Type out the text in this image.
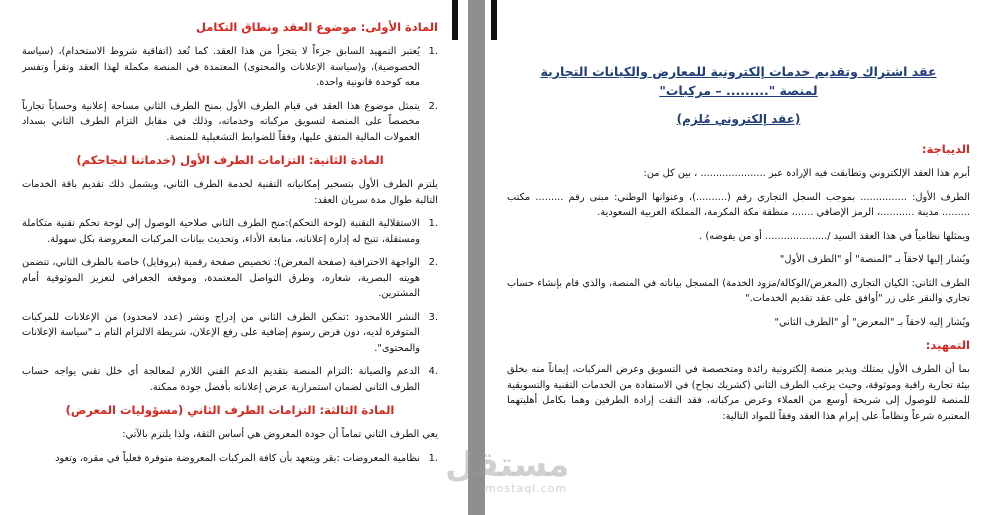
المادة الأولى: موضوع العقد ونطاق التكامل
.1
يُعتبر التمهيد السابق جزءاً لا يتجزأ من هذا العقد. كما تُعد (اتفاقية شروط الاستخدام)، (سياسة الخصوصية)، و(سياسة الإعلانات والمحتوى) المعتمدة في المنصة مكملة لهذا العقد وتقرأ وتفسر معه كوحدة قانونية واحدة.
.2
يتمثل موضوع هذا العقد في قيام الطرف الأول بمنح الطرف الثاني مساحة إعلانية وحساباً تجارياً مخصصاً على المنصة لتسويق مركباته وخدماته، وذلك في مقابل التزام الطرف الثاني بسداد العمولات المالية المتفق عليها، وفقاً للضوابط التشغيلية للمنصة.
المادة الثانية: التزامات الطرف الأول (خدماتنا لنجاحكم)
يلتزم الطرف الأول بتسخير إمكانياته التقنية لخدمة الطرف الثاني، ويشمل ذلك تقديم باقة الخدمات التالية طوال مدة سريان العقد:
.1
الاستقلالية التقنية (لوحة التحكم):منح الطرف الثاني صلاحية الوصول إلى لوحة تحكم تقنية متكاملة ومستقلة، تتيح له إدارة إعلاناته، متابعة الأداء، وتحديث بيانات المركبات المعروضة بكل سهولة.
.2
الواجهة الاحترافية (صفحة المعرض): تخصيص صفحة رقمية (بروفايل) خاصة بالطرف الثاني، تتضمن هويته البصرية، شعاره، وطرق التواصل المعتمدة، وموقعه الجغرافي لتعزيز الموثوقية أمام المشترين.
.3
النشر اللامحدود :تمكين الطرف الثاني من إدراج ونشر (عدد لامحدود) من الإعلانات للمركبات المتوفرة لديه، دون فرض رسوم إضافية على رفع الإعلان، شريطة الالتزام التام بـ "سياسة الإعلانات والمحتوى".
.4
الدعم والصيانة :التزام المنصة بتقديم الدعم الفني اللازم لمعالجة أي خلل تقني يواجه حساب الطرف الثاني لضمان استمرارية عرض إعلاناته بأفضل جودة ممكنة.
المادة الثالثة: التزامات الطرف الثاني (مسؤوليات المعرض)
يعي الطرف الثاني تماماً أن جودة المعروض هي أساس الثقة، ولذا يلتزم بالآتي:
.1
نظامية المعروضات :يقر ويتعهد بأن كافة المركبات المعروضة متوفرة فعلياً في مقره، وتعود
عقد اشتراك وتقديم خدمات إلكترونية للمعارض والكيانات التجارية
لمنصة "......... – مركبات"
(عقد إلكتروني مُلزم)
الديباجة:
أبرم هذا العقد الإلكتروني وتطابقت فيه الإرادة عبر ..................... ، بين كل من:
الطرف الأول: ............... بموجب السجل التجاري رقم (..........)، وعنوانها الوطني: مبنى رقم ......... مكتب ......... مدينة ...........، الرمز الإضافي ......، منطقة مكة المكرمة، المملكة العربية السعودية.
ويمثلها نظامياً في هذا العقد السيد /.................... أو من يفوضه) .
ويُشار إليها لاحقاً بـ "المنصة" أو "الطرف الأول"
الطرف الثاني: الكيان التجاري (المعرض/الوكالة/مزود الخدمة) المسجل بياناته في المنصة، والذي قام بإنشاء حساب تجاري والنقر على زر "أوافق على عقد تقديم الخدمات."
ويُشار إليه لاحقاً بـ "المعرض" أو "الطرف الثاني"
التمهيد:
بما أن الطرف الأول يمتلك ويدير منصة إلكترونية رائدة ومتخصصة في التسويق وعرض المركبات، إيماناً منه بخلق بيئة تجارية راقية وموثوقة، وحيث يرغب الطرف الثاني (كشريك نجاح) في الاستفادة من الخدمات التقنية والتسويقية للمنصة للوصول إلى شريحة أوسع من العملاء وعرض مركباته، فقد التقت إرادة الطرفين وهما بكامل أهليتهما المعتبرة شرعاً ونظاماً على إبرام هذا العقد وفقاً للمواد التالية:
مستقل
mostaql.com
